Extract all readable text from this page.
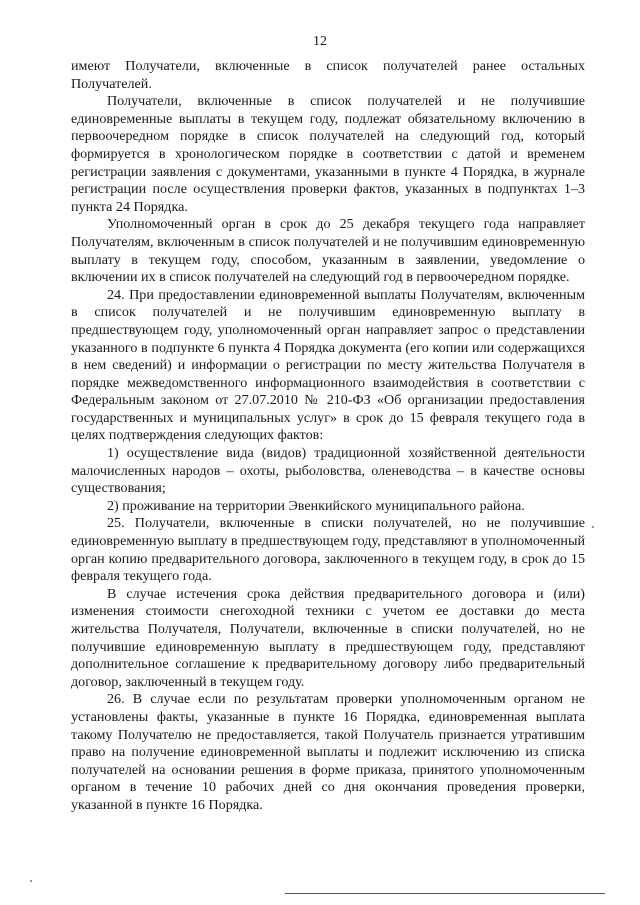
12

имеют Получатели, включенные в список получателей ранее остальных Получателей.

Получатели, включенные в список получателей и не получившие единовременные выплаты в текущем году, подлежат обязательному включению в первоочередном порядке в список получателей на следующий год, который формируется в хронологическом порядке в соответствии с датой и временем регистрации заявления с документами, указанными в пункте 4 Порядка, в журнале регистрации после осуществления проверки фактов, указанных в подпунктах 1–3 пункта 24 Порядка.

Уполномоченный орган в срок до 25 декабря текущего года направляет Получателям, включенным в список получателей и не получившим единовременную выплату в текущем году, способом, указанным в заявлении, уведомление о включении их в список получателей на следующий год в первоочередном порядке.

24. При предоставлении единовременной выплаты Получателям, включенным в список получателей и не получившим единовременную выплату в предшествующем году, уполномоченный орган направляет запрос о представлении указанного в подпункте 6 пункта 4 Порядка документа (его копии или содержащихся в нем сведений) и информации о регистрации по месту жительства Получателя в порядке межведомственного информационного взаимодействия в соответствии с Федеральным законом от 27.07.2010 № 210-ФЗ «Об организации предоставления государственных и муниципальных услуг» в срок до 15 февраля текущего года в целях подтверждения следующих фактов:

1) осуществление вида (видов) традиционной хозяйственной деятельности малочисленных народов – охоты, рыболовства, оленеводства – в качестве основы существования;

2) проживание на территории Эвенкийского муниципального района.

25. Получатели, включенные в списки получателей, но не получившие единовременную выплату в предшествующем году, представляют в уполномоченный орган копию предварительного договора, заключенного в текущем году, в срок до 15 февраля текущего года.

В случае истечения срока действия предварительного договора и (или) изменения стоимости снегоходной техники с учетом ее доставки до места жительства Получателя, Получатели, включенные в списки получателей, но не получившие единовременную выплату в предшествующем году, представляют дополнительное соглашение к предварительному договору либо предварительный договор, заключенный в текущем году.

26. В случае если по результатам проверки уполномоченным органом не установлены факты, указанные в пункте 16 Порядка, единовременная выплата такому Получателю не предоставляется, такой Получатель признается утратившим право на получение единовременной выплаты и подлежит исключению из списка получателей на основании решения в форме приказа, принятого уполномоченным органом в течение 10 рабочих дней со дня окончания проведения проверки, указанной в пункте 16 Порядка.
